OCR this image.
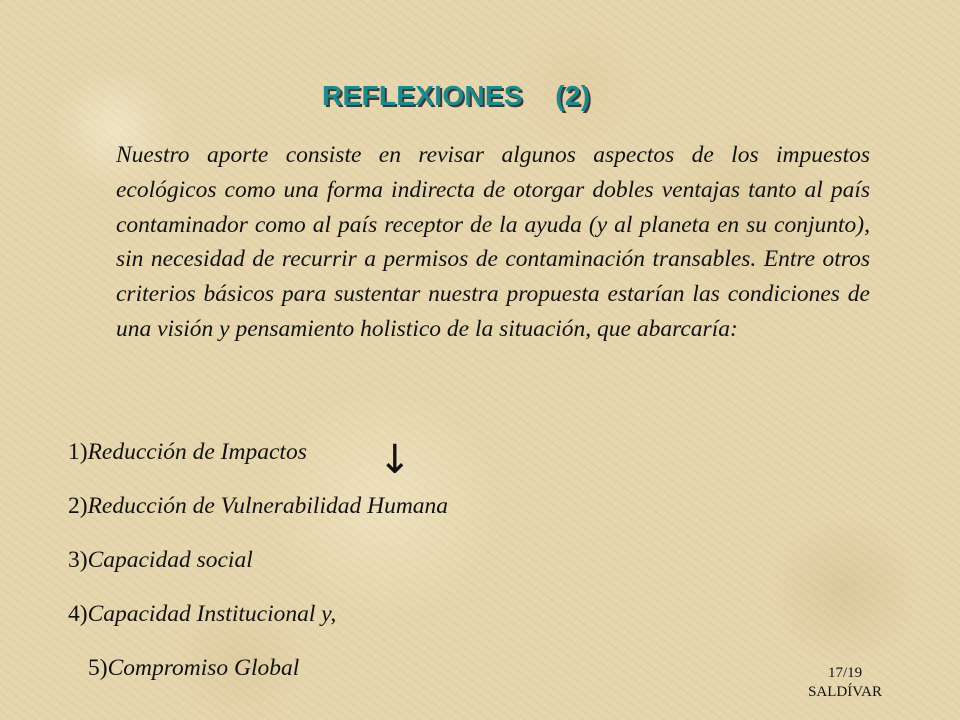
REFLEXIONES    (2)

Nuestro aporte consiste en revisar algunos aspectos de los impuestos ecológicos como una forma indirecta de otorgar dobles ventajas tanto al país contaminador como al país receptor de la ayuda (y al planeta en su conjunto), sin necesidad de recurrir a permisos de contaminación transables. Entre otros criterios básicos para sustentar nuestra propuesta estarían las condiciones de una visión y pensamiento holistico de la situación, que abarcaría:

1)Reducción de Impactos
2)Reducción de Vulnerabilidad Humana
3)Capacidad social
4)Capacidad Institucional y,
5)Compromiso Global
↓
17/19
SALDÍVAR
